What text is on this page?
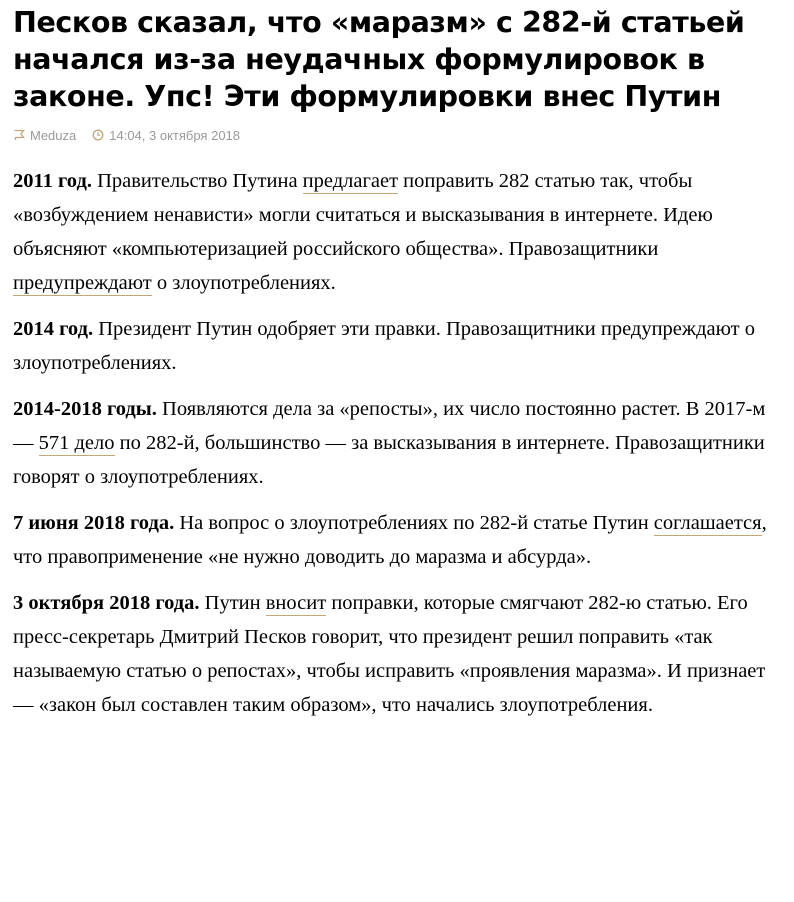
Песков сказал, что «маразм» с 282-й статьей начался из-за неудачных формулировок в законе. Упс! Эти формулировки внес Путин
Meduza	14:04, 3 октября 2018

2011 год. Правительство Путина предлагает поправить 282 статью так, чтобы «возбуждением ненависти» могли считаться и высказывания в интернете. Идею объясняют «компьютеризацией российского общества». Правозащитники предупреждают о злоупотреблениях.

2014 год. Президент Путин одобряет эти правки. Правозащитники предупреждают о злоупотреблениях.

2014-2018 годы. Появляются дела за «репосты», их число постоянно растет. В 2017-м — 571 дело по 282-й, большинство — за высказывания в интернете. Правозащитники говорят о злоупотреблениях.

7 июня 2018 года. На вопрос о злоупотреблениях по 282-й статье Путин соглашается, что правоприменение «не нужно доводить до маразма и абсурда».

3 октября 2018 года. Путин вносит поправки, которые смягчают 282-ю статью. Его пресс-секретарь Дмитрий Песков говорит, что президент решил поправить «так называемую статью о репостах», чтобы исправить «проявления маразма». И признает — «закон был составлен таким образом», что начались злоупотребления.
